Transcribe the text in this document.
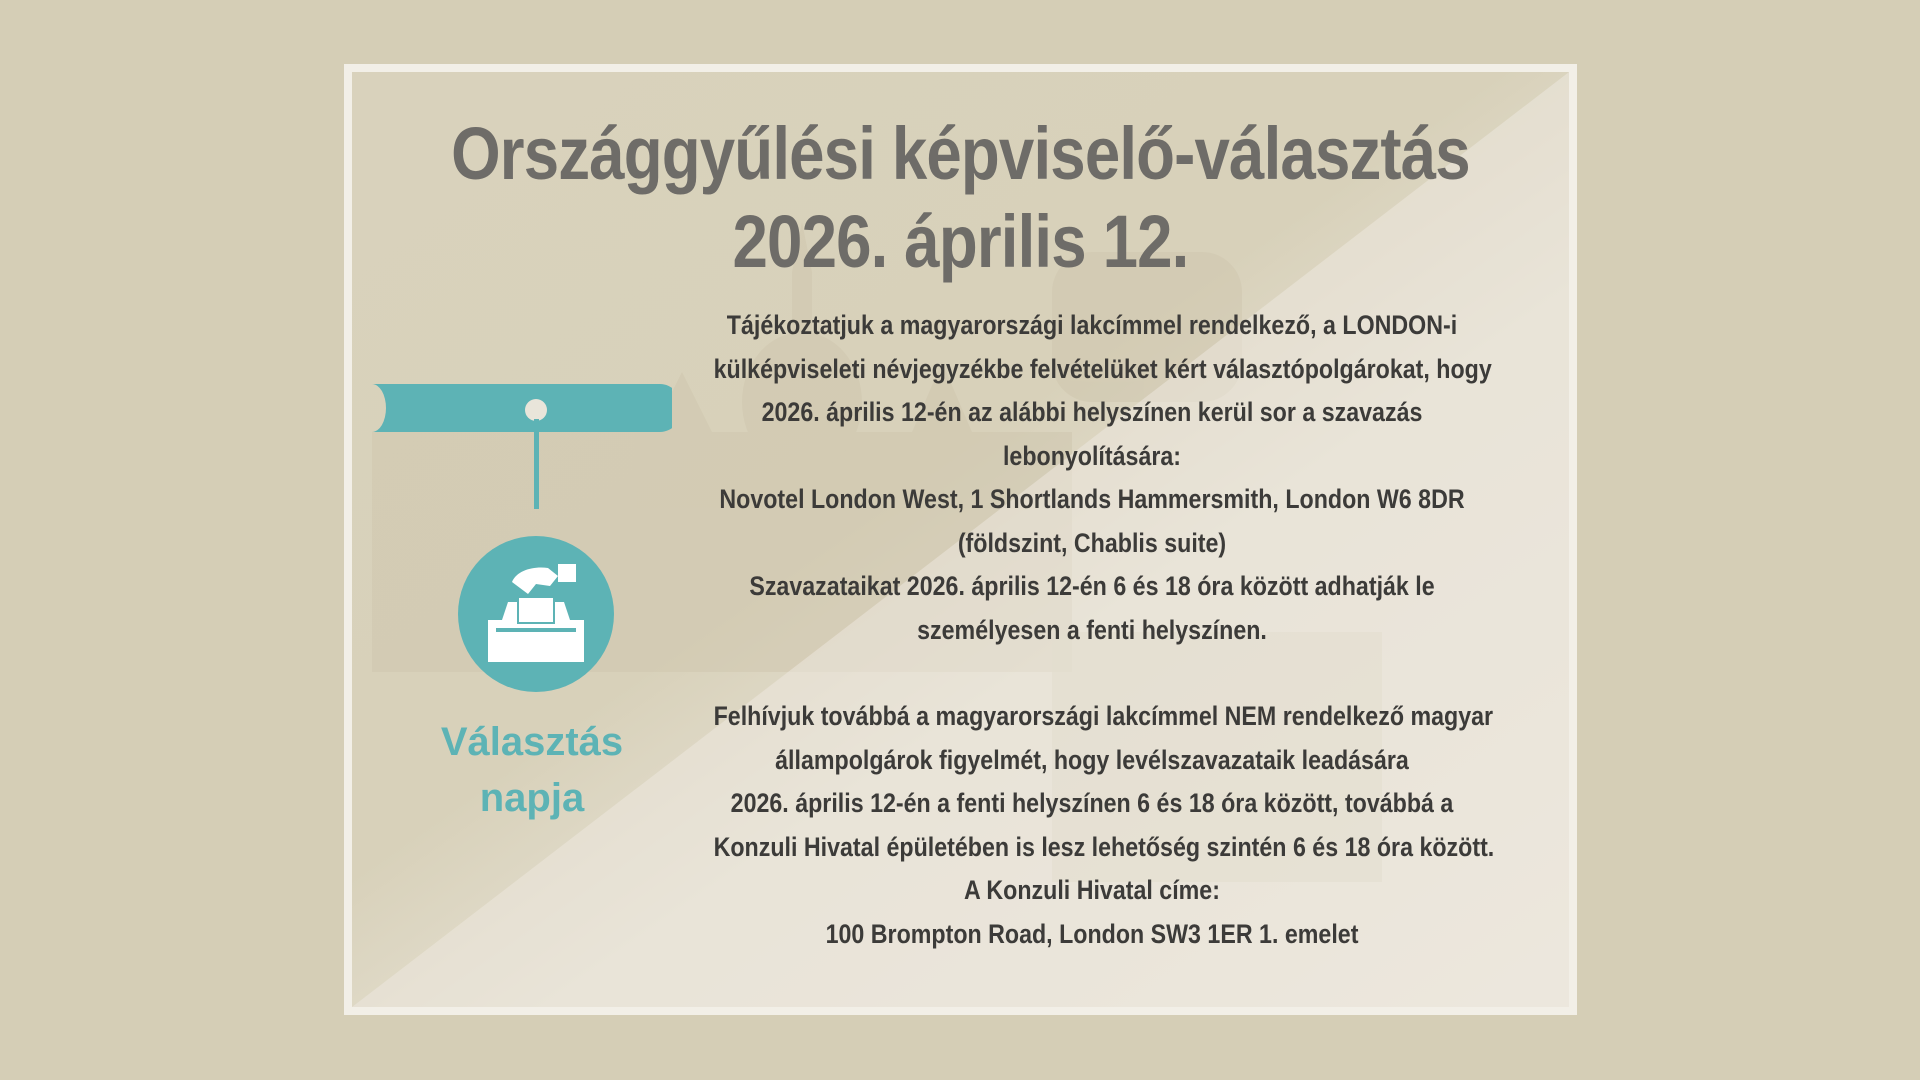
Országgyűlési képviselő-választás
2026. április 12.
Választás
napja
Tájékoztatjuk a magyarországi lakcímmel rendelkező, a LONDON-i
külképviseleti névjegyzékbe felvételüket kért választópolgárokat, hogy
2026. április 12-én az alábbi helyszínen kerül sor a szavazás
lebonyolítására:
Novotel London West, 1 Shortlands Hammersmith, London W6 8DR
(földszint, Chablis suite)
Szavazataikat 2026. április 12-én 6 és 18 óra között adhatják le
személyesen a fenti helyszínen.
Felhívjuk továbbá a magyarországi lakcímmel NEM rendelkező magyar
állampolgárok figyelmét, hogy levélszavazataik leadására
2026. április 12-én a fenti helyszínen 6 és 18 óra között, továbbá a
Konzuli Hivatal épületében is lesz lehetőség szintén 6 és 18 óra között.
A Konzuli Hivatal címe:
100 Brompton Road, London SW3 1ER 1. emelet
